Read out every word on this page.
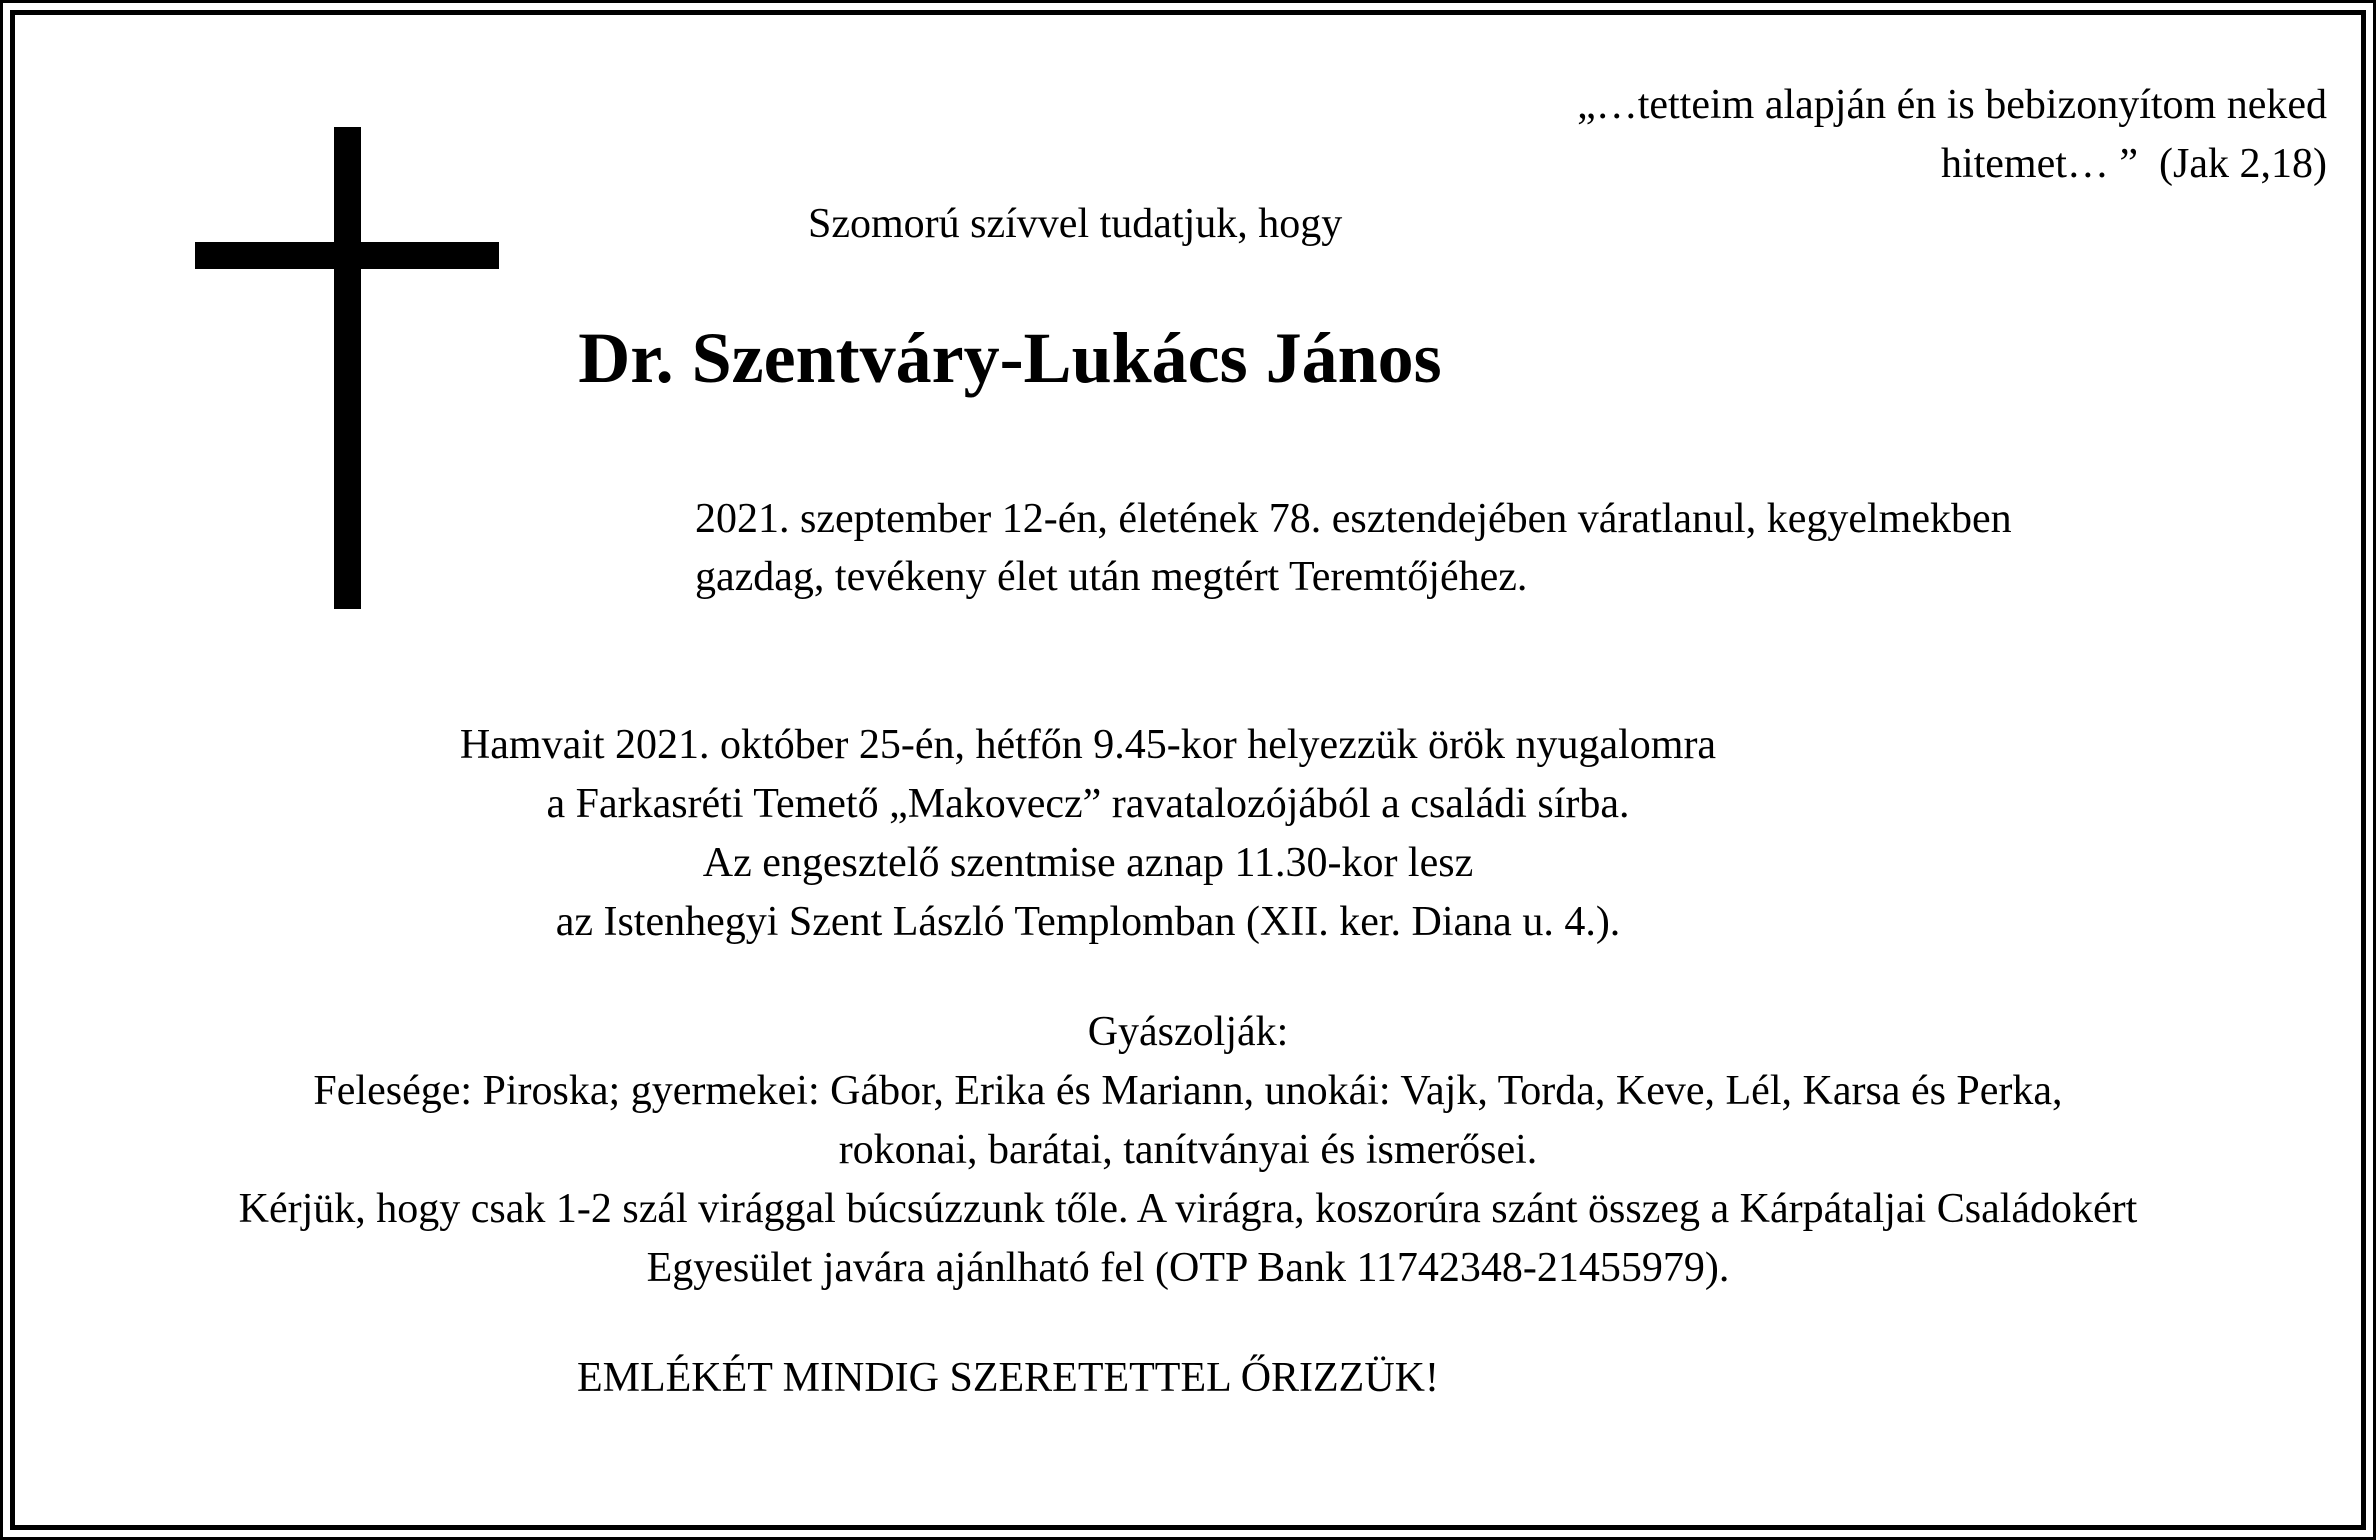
„…tetteim alapján én is bebizonyítom neked
hitemet… ”  (Jak 2,18)
Szomorú szívvel tudatjuk, hogy
Dr. Szentváry-Lukács János

2021. szeptember 12-én, életének 78. esztendejében váratlanul, kegyelmekben

gazdag, tevékeny élet után megtért Teremtőjéhez.

Hamvait 2021. október 25-én, hétfőn 9.45-kor helyezzük örök nyugalomra

a Farkasréti Temető „Makovecz” ravatalozójából a családi sírba.

Az engesztelő szentmise aznap 11.30-kor lesz

az Istenhegyi Szent László Templomban (XII. ker. Diana u. 4.).

Gyászolják:

Felesége: Piroska; gyermekei: Gábor, Erika és Mariann, unokái: Vajk, Torda, Keve, Lél, Karsa és Perka,

rokonai, barátai, tanítványai és ismerősei.

Kérjük, hogy csak 1-2 szál virággal búcsúzzunk tőle. A virágra, koszorúra szánt összeg a Kárpátaljai Családokért

Egyesület javára ajánlható fel (OTP Bank 11742348-21455979).

EMLÉKÉT MINDIG SZERETETTEL ŐRIZZÜK!
